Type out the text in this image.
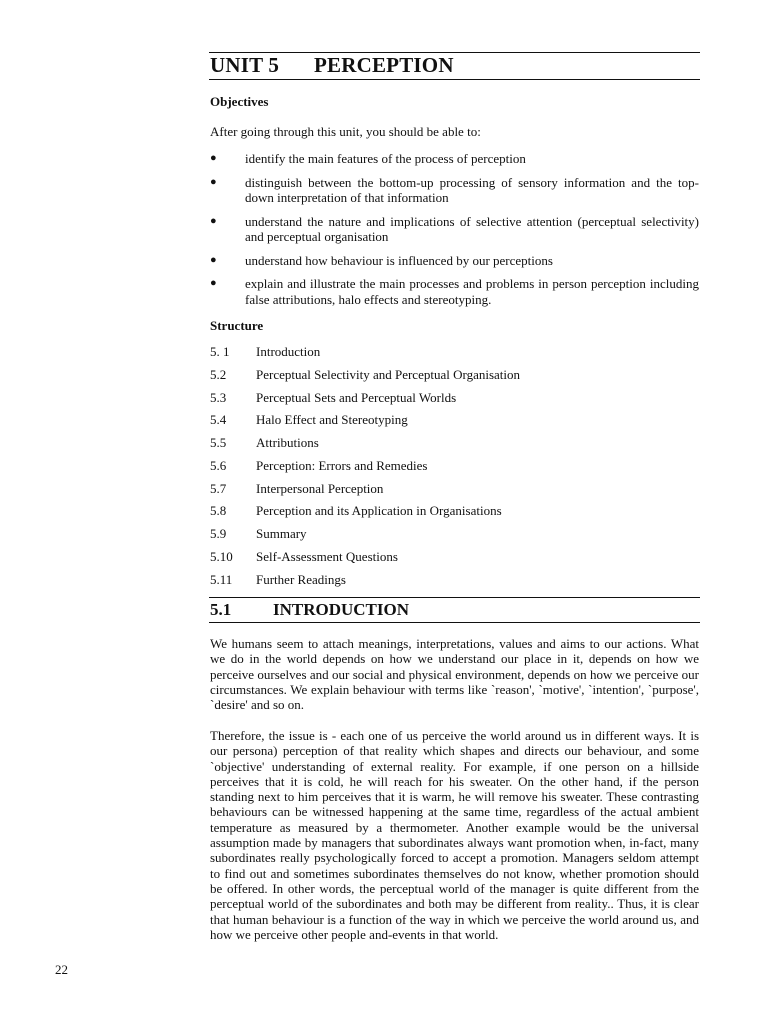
UNIT 5 PERCEPTION
Objectives
After going through this unit, you should be able to:
● identify the main features of the process of perception
● distinguish between the bottom-up processing of sensory information and the top-down interpretation of that information
● understand the nature and implications of selective attention (perceptual selectivity) and perceptual organisation
● understand how behaviour is influenced by our perceptions
● explain and illustrate the main processes and problems in person perception including false attributions, halo effects and stereotyping.
Structure
5. 1 Introduction
5.2 Perceptual Selectivity and Perceptual Organisation
5.3 Perceptual Sets and Perceptual Worlds
5.4 Halo Effect and Stereotyping
5.5 Attributions
5.6 Perception: Errors and Remedies
5.7 Interpersonal Perception
5.8 Perception and its Application in Organisations
5.9 Summary
5.10 Self-Assessment Questions
5.11 Further Readings
5.1 INTRODUCTION
We humans seem to attach meanings, interpretations, values and aims to our actions. What we do in the world depends on how we understand our place in it, depends on how we perceive ourselves and our social and physical environment, depends on how we perceive our circumstances. We explain behaviour with terms like `reason', `motive', `intention', `purpose', `desire' and so on.
Therefore, the issue is - each one of us perceive the world around us in different ways. It is our persona) perception of that reality which shapes and directs our behaviour, and some `objective' understanding of external reality. For example, if one person on a hillside perceives that it is cold, he will reach for his sweater. On the other hand, if the person standing next to him perceives that it is warm, he will remove his sweater. These contrasting behaviours can be witnessed happening at the same time, regardless of the actual ambient temperature as measured by a thermometer. Another example would be the universal assumption made by managers that subordinates always want promotion when, in-fact, many subordinates really psychologically forced to accept a promotion. Managers seldom attempt to find out and sometimes subordinates themselves do not know, whether promotion should be offered. In other words, the perceptual world of the manager is quite different from the perceptual world of the subordinates and both may be different from reality.. Thus, it is clear that human behaviour is a function of the way in which we perceive the world around us, and how we perceive other people and-events in that world.
22
